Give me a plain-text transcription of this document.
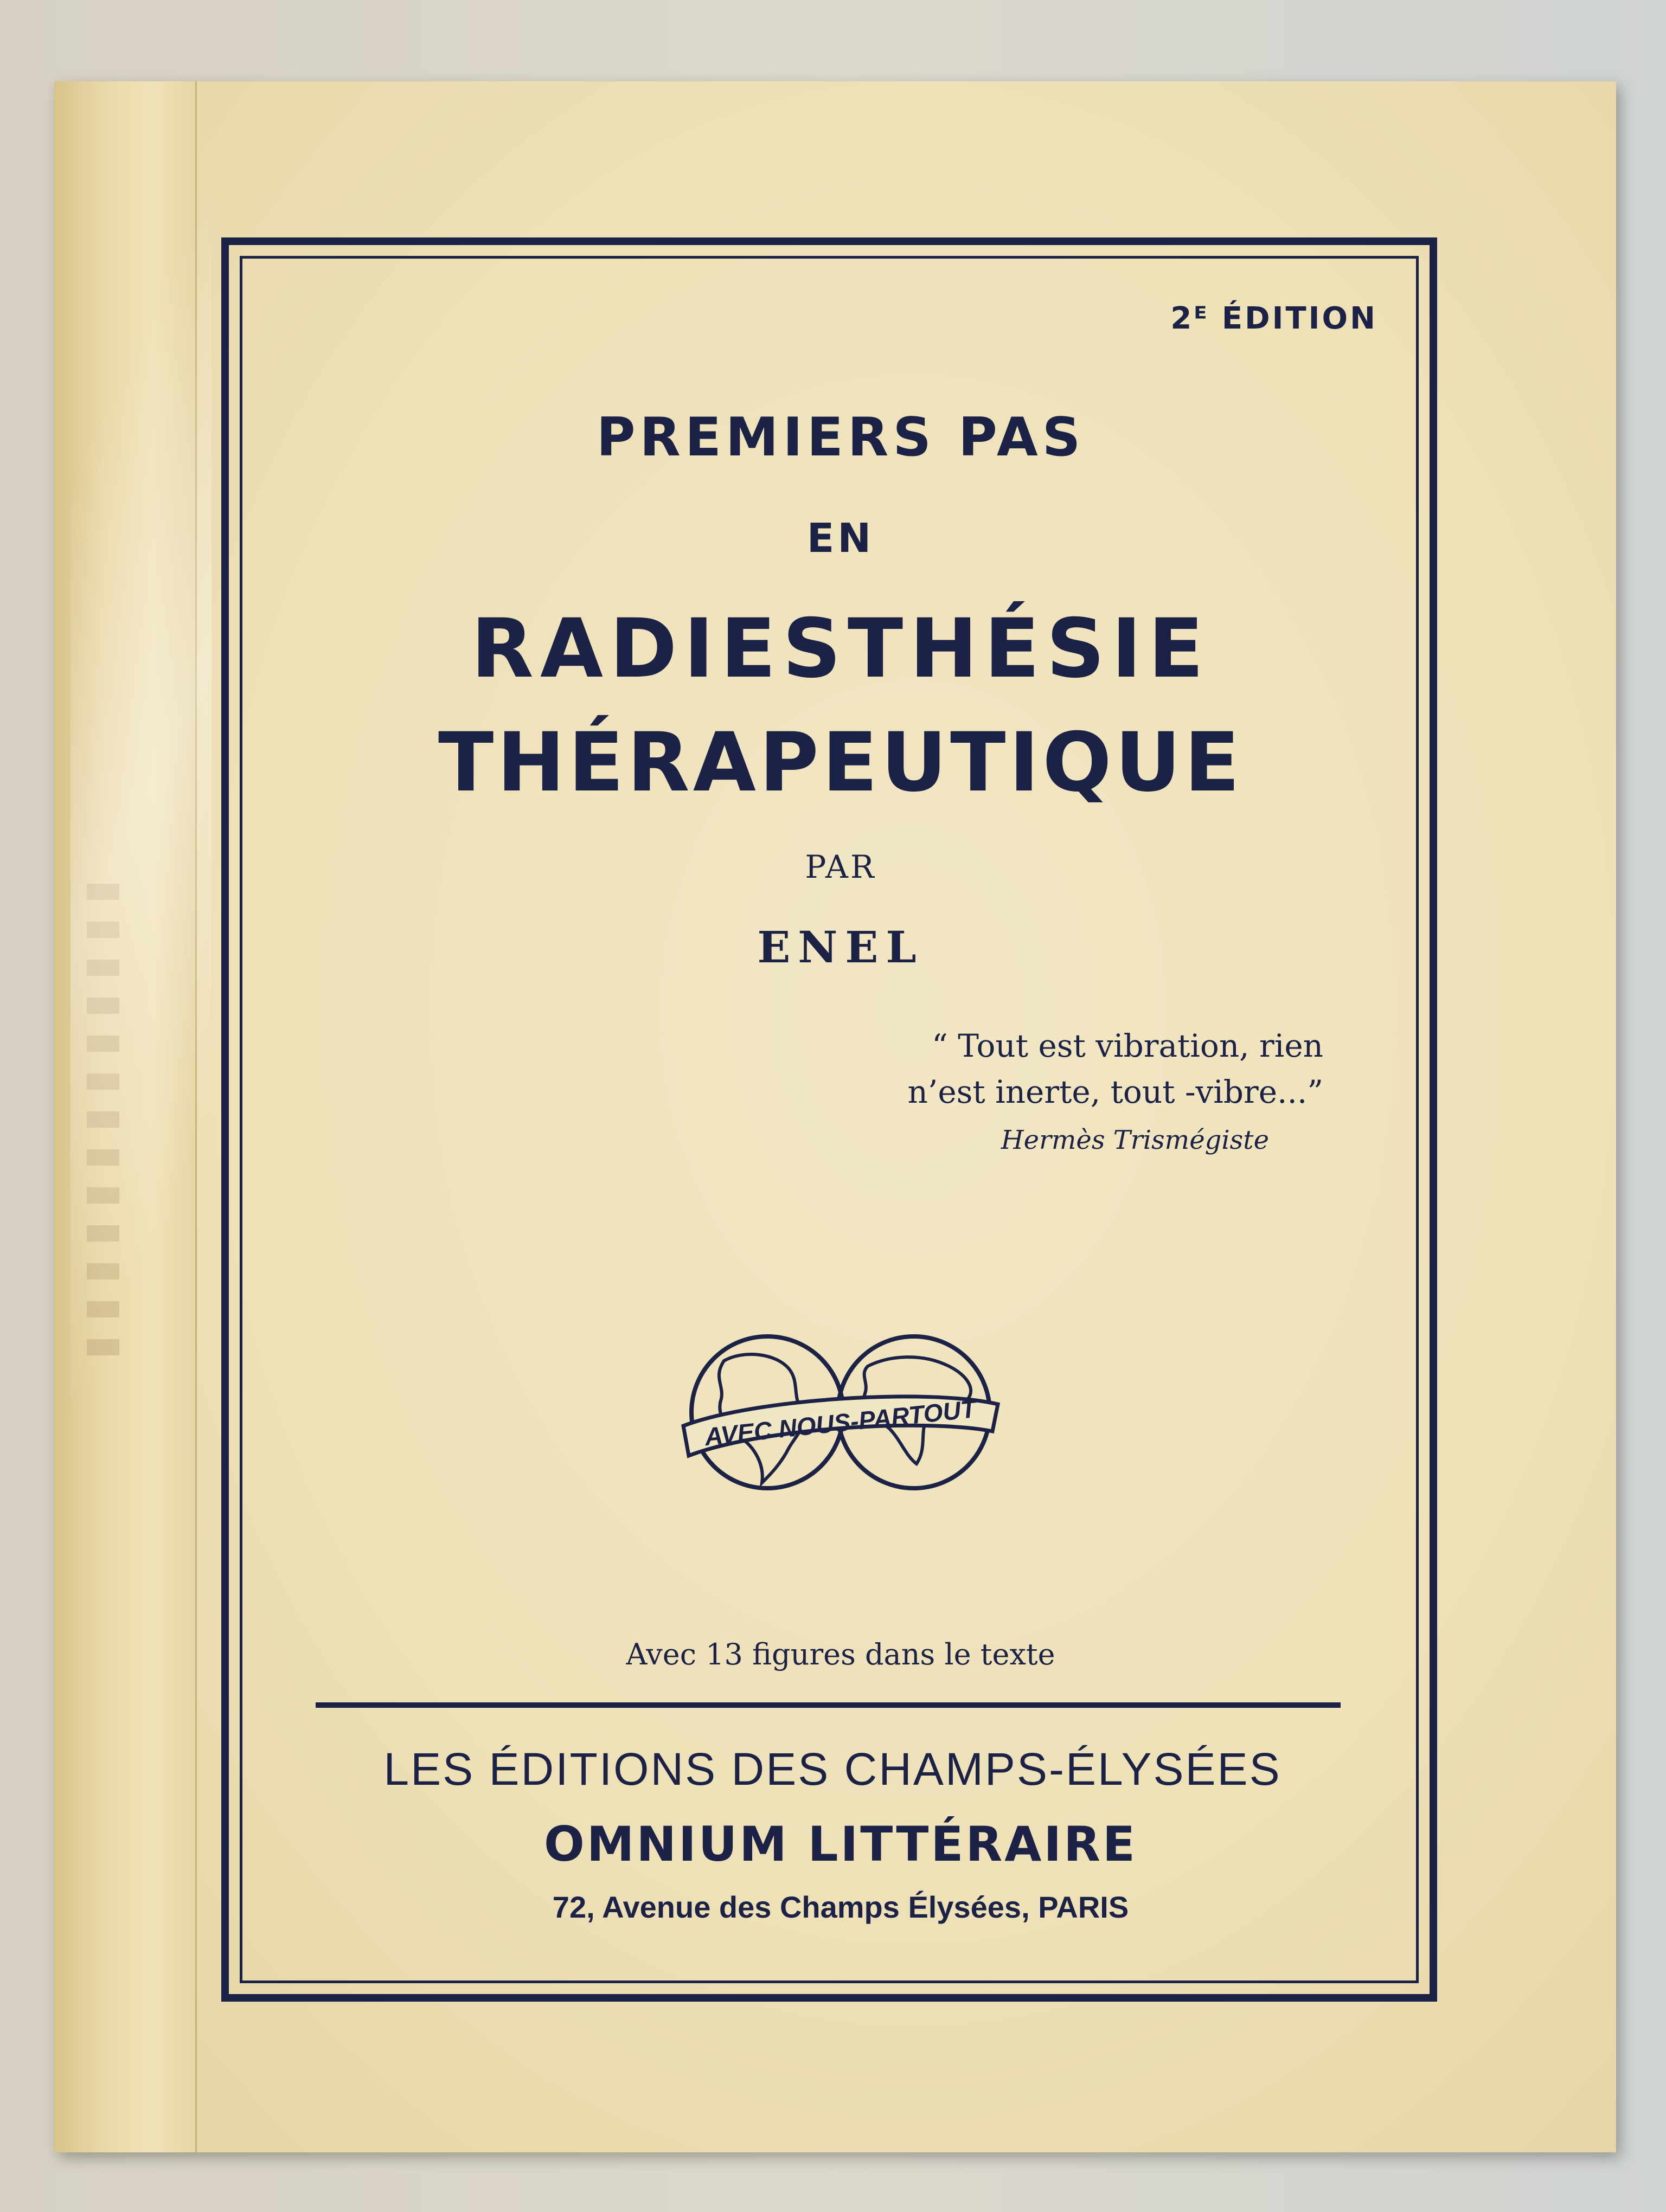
2ᴱ ÉDITION
PREMIERS PAS
EN
RADIESTHÉSIE
THÉRAPEUTIQUE
PAR
ENEL
“ Tout est vibration, rien
n’est inerte, tout -vibre...”
Hermès Trismégiste
AVEC NOUS-PARTOUT
Avec 13 figures dans le texte
LES ÉDITIONS DES CHAMPS-ÉLYSÉES
OMNIUM LITTÉRAIRE
72, Avenue des Champs Élysées, PARIS
